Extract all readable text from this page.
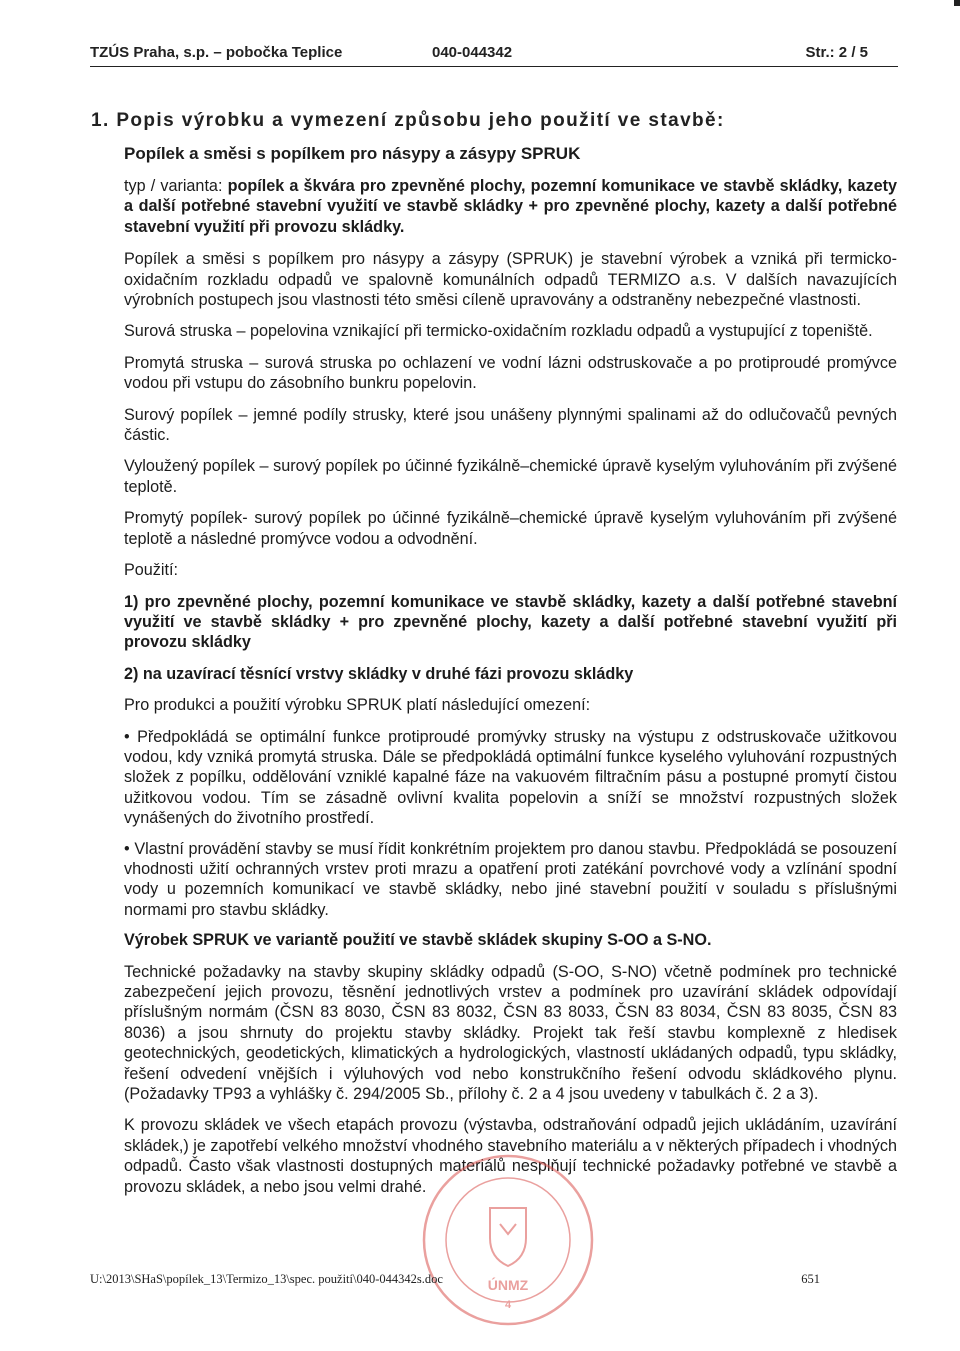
TZÚS Praha, s.p. – pobočka Teplice	040-044342	Str.: 2 / 5
1. Popis výrobku a vymezení způsobu jeho použití ve stavbě:
Popílek a směsi s popílkem pro násypy a zásypy SPRUK

typ / varianta: popílek a škvára pro zpevněné plochy, pozemní komunikace ve stavbě skládky, kazety a další potřebné stavební využití ve stavbě skládky + pro zpevněné plochy, kazety a další potřebné stavební využití při provozu skládky.

Popílek a směsi s popílkem pro násypy a zásypy (SPRUK) je stavební výrobek a vzniká při termicko-oxidačním rozkladu odpadů ve spalovně komunálních odpadů TERMIZO a.s. V dalších navazujících výrobních postupech jsou vlastnosti této směsi cíleně upravovány a odstraněny nebezpečné vlastnosti.

Surová struska – popelovina vznikající při termicko-oxidačním rozkladu odpadů a vystupující z topeniště.

Promytá struska – surová struska po ochlazení ve vodní lázni odstruskovače a po protiproudé promývce vodou při vstupu do zásobního bunkru popelovin.

Surový popílek – jemné podíly strusky, které jsou unášeny plynnými spalinami až do odlučovačů pevných částic.

Vyloužený popílek – surový popílek po účinné fyzikálně–chemické úpravě kyselým vyluhováním při zvýšené teplotě.

Promytý popílek- surový popílek po účinné fyzikálně–chemické úpravě kyselým vyluhováním při zvýšené teplotě a následné promývce vodou a odvodnění.

Použití:

1) pro zpevněné plochy, pozemní komunikace ve stavbě skládky, kazety a další potřebné stavební využití ve stavbě skládky + pro zpevněné plochy, kazety a další potřebné stavební využití při provozu skládky

2) na uzavírací těsnící vrstvy skládky v druhé fázi provozu skládky

Pro produkci a použití výrobku SPRUK platí následující omezení:

• Předpokládá se optimální funkce protiproudé promývky strusky na výstupu z odstruskovače užitkovou vodou, kdy vzniká promytá struska. Dále se předpokládá optimální funkce kyselého vyluhování rozpustných složek z popílku, oddělování vzniklé kapalné fáze na vakuovém filtračním pásu a postupné promytí čistou užitkovou vodou. Tím se zásadně ovlivní kvalita popelovin a sníží se množství rozpustných složek vynášených do životního prostředí.

• Vlastní provádění stavby se musí řídit konkrétním projektem pro danou stavbu. Předpokládá se posouzení vhodnosti užití ochranných vrstev proti mrazu a opatření proti zatékání povrchové vody a vzlínání spodní vody u pozemních komunikací ve stavbě skládky, nebo jiné stavební použití v souladu s příslušnými normami pro stavbu skládky.

Výrobek SPRUK ve variantě použití ve stavbě skládek skupiny S-OO a S-NO.

Technické požadavky na stavby skupiny skládky odpadů (S-OO, S-NO) včetně podmínek pro technické zabezpečení jejich provozu, těsnění jednotlivých vrstev a podmínek pro uzavírání skládek odpovídají příslušným normám (ČSN 83 8030, ČSN 83 8032, ČSN 83 8033, ČSN 83 8034, ČSN 83 8035, ČSN 83 8036) a jsou shrnuty do projektu stavby skládky. Projekt tak řeší stavbu komplexně z hledisek geotechnických, geodetických, klimatických a hydrologických, vlastností ukládaných odpadů, typu skládky, řešení odvedení vnějších i výluhových vod nebo konstrukčního řešení odvodu skládkového plynu. (Požadavky TP93 a vyhlášky č. 294/2005 Sb., přílohy č. 2 a 4 jsou uvedeny v tabulkách č. 2 a 3).

K provozu skládek ve všech etapách provozu (výstavba, odstraňování odpadů jejich ukládáním, uzavírání skládek,) je zapotřebí velkého množství vhodného stavebního materiálu a v některých případech i vhodných odpadů. Často však vlastnosti dostupných materiálů nesplňují technické požadavky potřebné ve stavbě a provozu skládek, a nebo jsou velmi drahé.

ÚNMZ
4
U:\2013\SHaS\popílek_13\Termizo_13\spec. použití\040-044342s.doc	651
